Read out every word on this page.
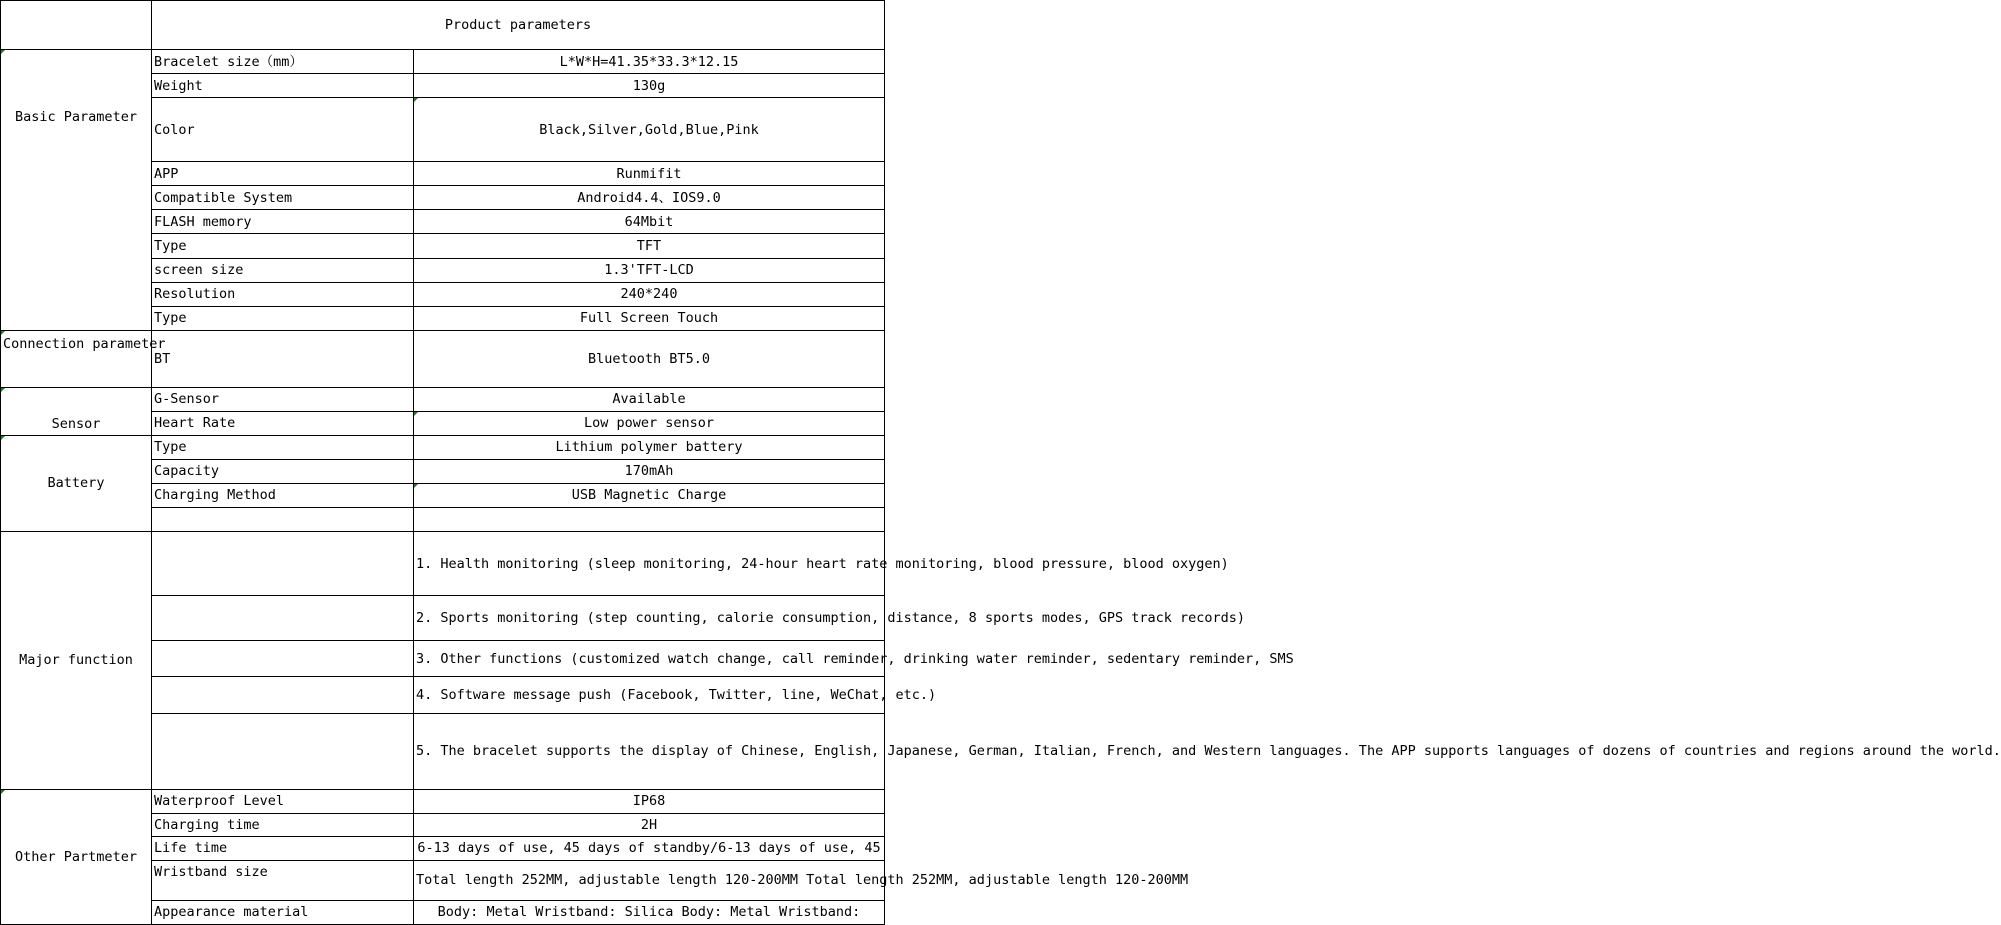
	Product parameters	
Basic Parameter	Bracelet size（mm）	L*W*H=41.35*33.3*12.15
	Weight	130g
	Color	Black,Silver,Gold,Blue,Pink
	APP	Runmifit
	Compatible System	Android4.4、IOS9.0
	FLASH memory	64Mbit
	Type	TFT
	screen size	1.3'TFT-LCD
	Resolution	240*240
	Type	Full Screen Touch
Connection parameter	BT	Bluetooth BT5.0
Sensor	G-Sensor	Available
	Heart Rate	Low power sensor
Battery	Type	Lithium polymer battery
	Capacity	170mAh
	Charging Method	USB Magnetic Charge

Major function		1. Health monitoring (sleep monitoring, 24-hour heart rate monitoring, blood pressure, blood oxygen)
		2. Sports monitoring (step counting, calorie consumption, distance, 8 sports modes, GPS track records)
		3. Other functions (customized watch change, call reminder, drinking water reminder, sedentary reminder, SMS
		4. Software message push (Facebook, Twitter, line, WeChat, etc.)
		5. The bracelet supports the display of Chinese, English, Japanese, German, Italian, French, and Western languages. The APP supports languages of dozens of countries and regions around the world.
Other Partmeter	Waterproof Level	IP68
	Charging time	2H
	Life time	6-13 days of use, 45 days of standby/6-13 days of use, 45
	Wristband size	Total length 252MM, adjustable length 120-200MM Total length 252MM, adjustable length 120-200MM
	Appearance material	Body: Metal Wristband: Silica Body: Metal Wristband:
